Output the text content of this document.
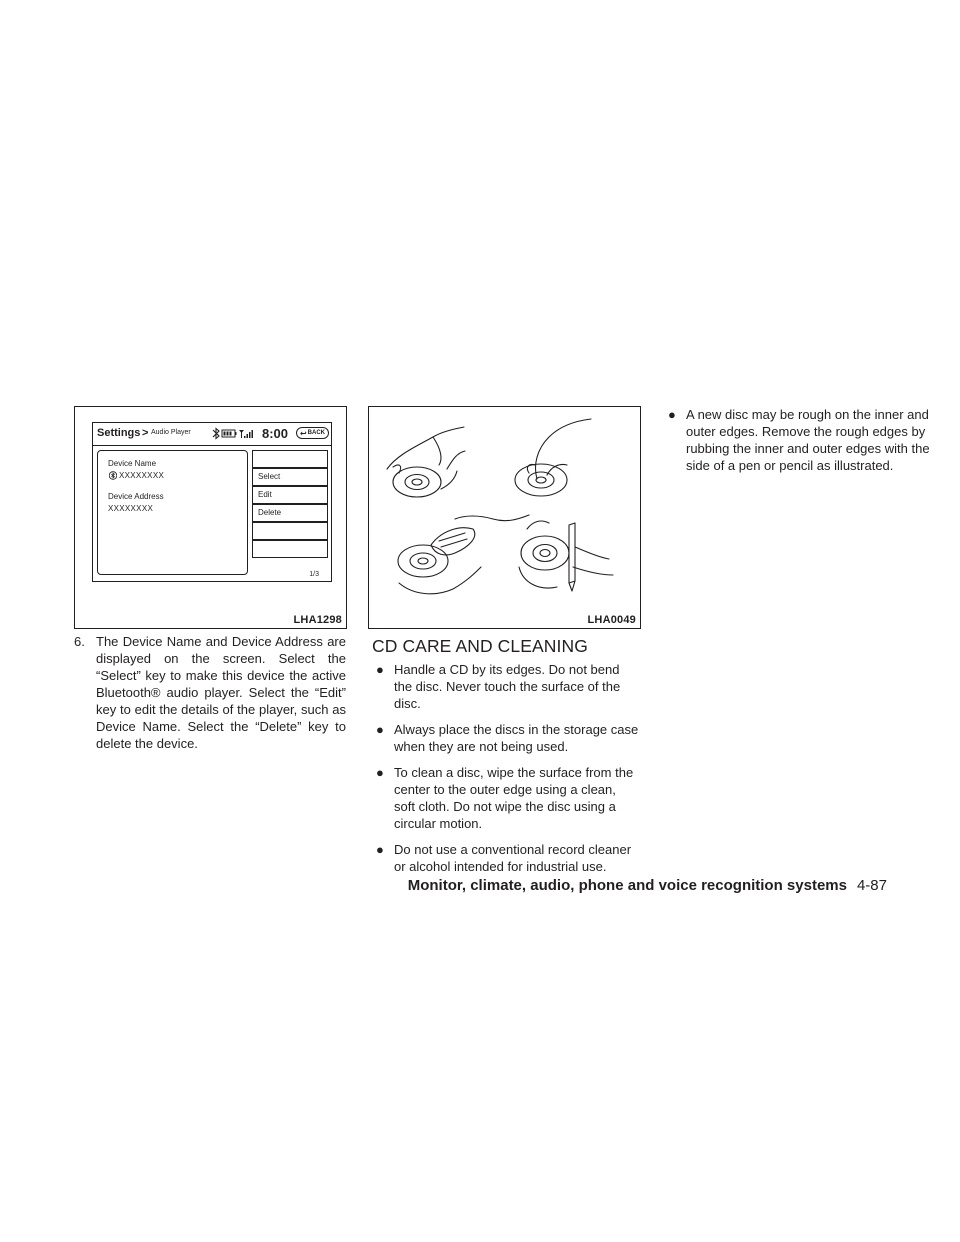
Settings > Audio Player	8:00 ↩ BACK
Device Name
XXXXXXXX
Device Address
XXXXXXXX
Select
Edit
Delete
1/3
LHA1298	LHA0049
6. The Device Name and Device Address are displayed on the screen. Select the “Select” key to make this device the active Bluetooth® audio player. Select the “Edit” key to edit the details of the player, such as Device Name. Select the “Delete” key to delete the device.

CD CARE AND CLEANING
● Handle a CD by its edges. Do not bend the disc. Never touch the surface of the disc.
● Always place the discs in the storage case when they are not being used.
● To clean a disc, wipe the surface from the center to the outer edge using a clean, soft cloth. Do not wipe the disc using a circular motion.
● Do not use a conventional record cleaner or alcohol intended for industrial use.
● A new disc may be rough on the inner and outer edges. Remove the rough edges by rubbing the inner and outer edges with the side of a pen or pencil as illustrated.
Monitor, climate, audio, phone and voice recognition systems 4-87
